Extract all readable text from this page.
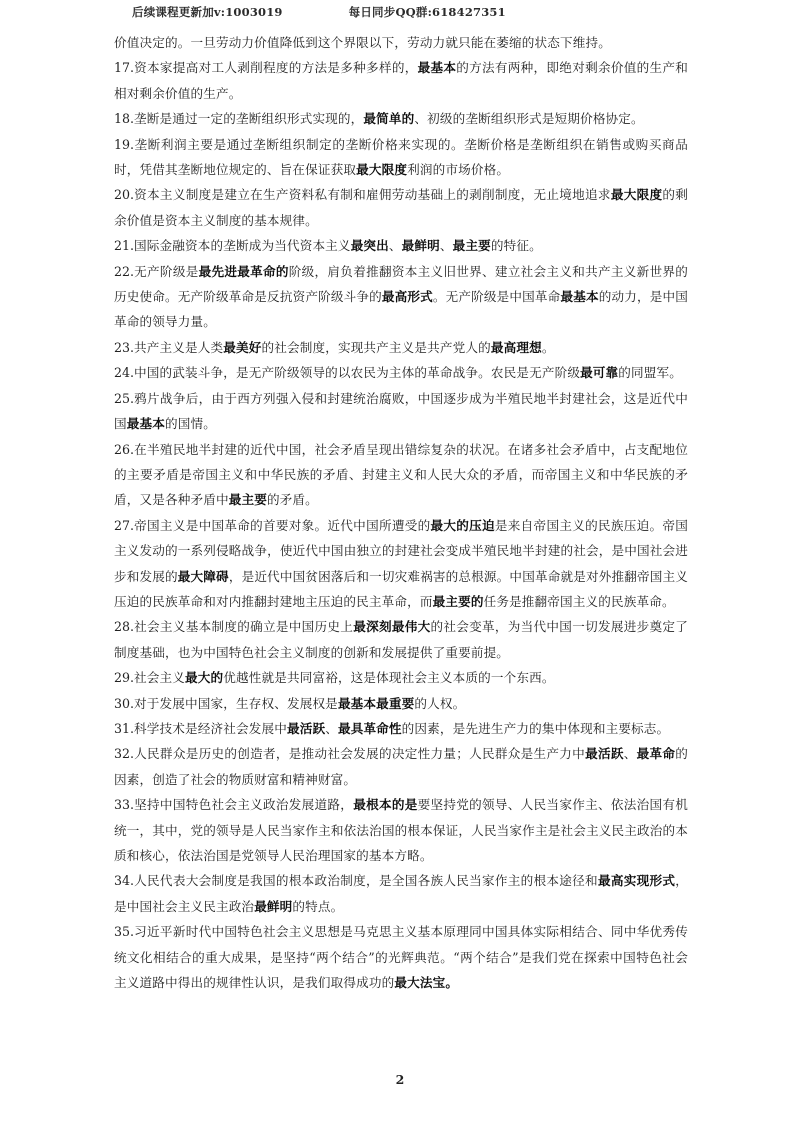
后续课程更新加v:1003019	每日同步QQ群:618427351

价值决定的。一旦劳动力价值降低到这个界限以下，劳动力就只能在萎缩的状态下维持。

17.资本家提高对工人剥削程度的方法是多种多样的，最基本的方法有两种，即绝对剩余价值的生产和相对剩余价值的生产。

18.垄断是通过一定的垄断组织形式实现的，最简单的、初级的垄断组织形式是短期价格协定。

19.垄断利润主要是通过垄断组织制定的垄断价格来实现的。垄断价格是垄断组织在销售或购买商品时，凭借其垄断地位规定的、旨在保证获取最大限度利润的市场价格。

20.资本主义制度是建立在生产资料私有制和雇佣劳动基础上的剥削制度，无止境地追求最大限度的剩余价值是资本主义制度的基本规律。

21.国际金融资本的垄断成为当代资本主义最突出、最鲜明、最主要的特征。

22.无产阶级是最先进最革命的阶级，肩负着推翻资本主义旧世界、建立社会主义和共产主义新世界的历史使命。无产阶级革命是反抗资产阶级斗争的最高形式。无产阶级是中国革命最基本的动力，是中国革命的领导力量。

23.共产主义是人类最美好的社会制度，实现共产主义是共产党人的最高理想。

24.中国的武装斗争，是无产阶级领导的以农民为主体的革命战争。农民是无产阶级最可靠的同盟军。

25.鸦片战争后，由于西方列强入侵和封建统治腐败，中国逐步成为半殖民地半封建社会，这是近代中国最基本的国情。

26.在半殖民地半封建的近代中国，社会矛盾呈现出错综复杂的状况。在诸多社会矛盾中，占支配地位的主要矛盾是帝国主义和中华民族的矛盾、封建主义和人民大众的矛盾，而帝国主义和中华民族的矛盾，又是各种矛盾中最主要的矛盾。

27.帝国主义是中国革命的首要对象。近代中国所遭受的最大的压迫是来自帝国主义的民族压迫。帝国主义发动的一系列侵略战争，使近代中国由独立的封建社会变成半殖民地半封建的社会，是中国社会进步和发展的最大障碍，是近代中国贫困落后和一切灾难祸害的总根源。中国革命就是对外推翻帝国主义压迫的民族革命和对内推翻封建地主压迫的民主革命，而最主要的任务是推翻帝国主义的民族革命。

28.社会主义基本制度的确立是中国历史上最深刻最伟大的社会变革，为当代中国一切发展进步奠定了制度基础，也为中国特色社会主义制度的创新和发展提供了重要前提。

29.社会主义最大的优越性就是共同富裕，这是体现社会主义本质的一个东西。

30.对于发展中国家，生存权、发展权是最基本最重要的人权。

31.科学技术是经济社会发展中最活跃、最具革命性的因素，是先进生产力的集中体现和主要标志。

32.人民群众是历史的创造者，是推动社会发展的决定性力量；人民群众是生产力中最活跃、最革命的因素，创造了社会的物质财富和精神财富。

33.坚持中国特色社会主义政治发展道路，最根本的是要坚持党的领导、人民当家作主、依法治国有机统一，其中，党的领导是人民当家作主和依法治国的根本保证，人民当家作主是社会主义民主政治的本质和核心，依法治国是党领导人民治理国家的基本方略。

34.人民代表大会制度是我国的根本政治制度，是全国各族人民当家作主的根本途径和最高实现形式，是中国社会主义民主政治最鲜明的特点。

35.习近平新时代中国特色社会主义思想是马克思主义基本原理同中国具体实际相结合、同中华优秀传统文化相结合的重大成果，是坚持“两个结合”的光辉典范。“两个结合”是我们党在探索中国特色社会主义道路中得出的规律性认识，是我们取得成功的最大法宝。

2
